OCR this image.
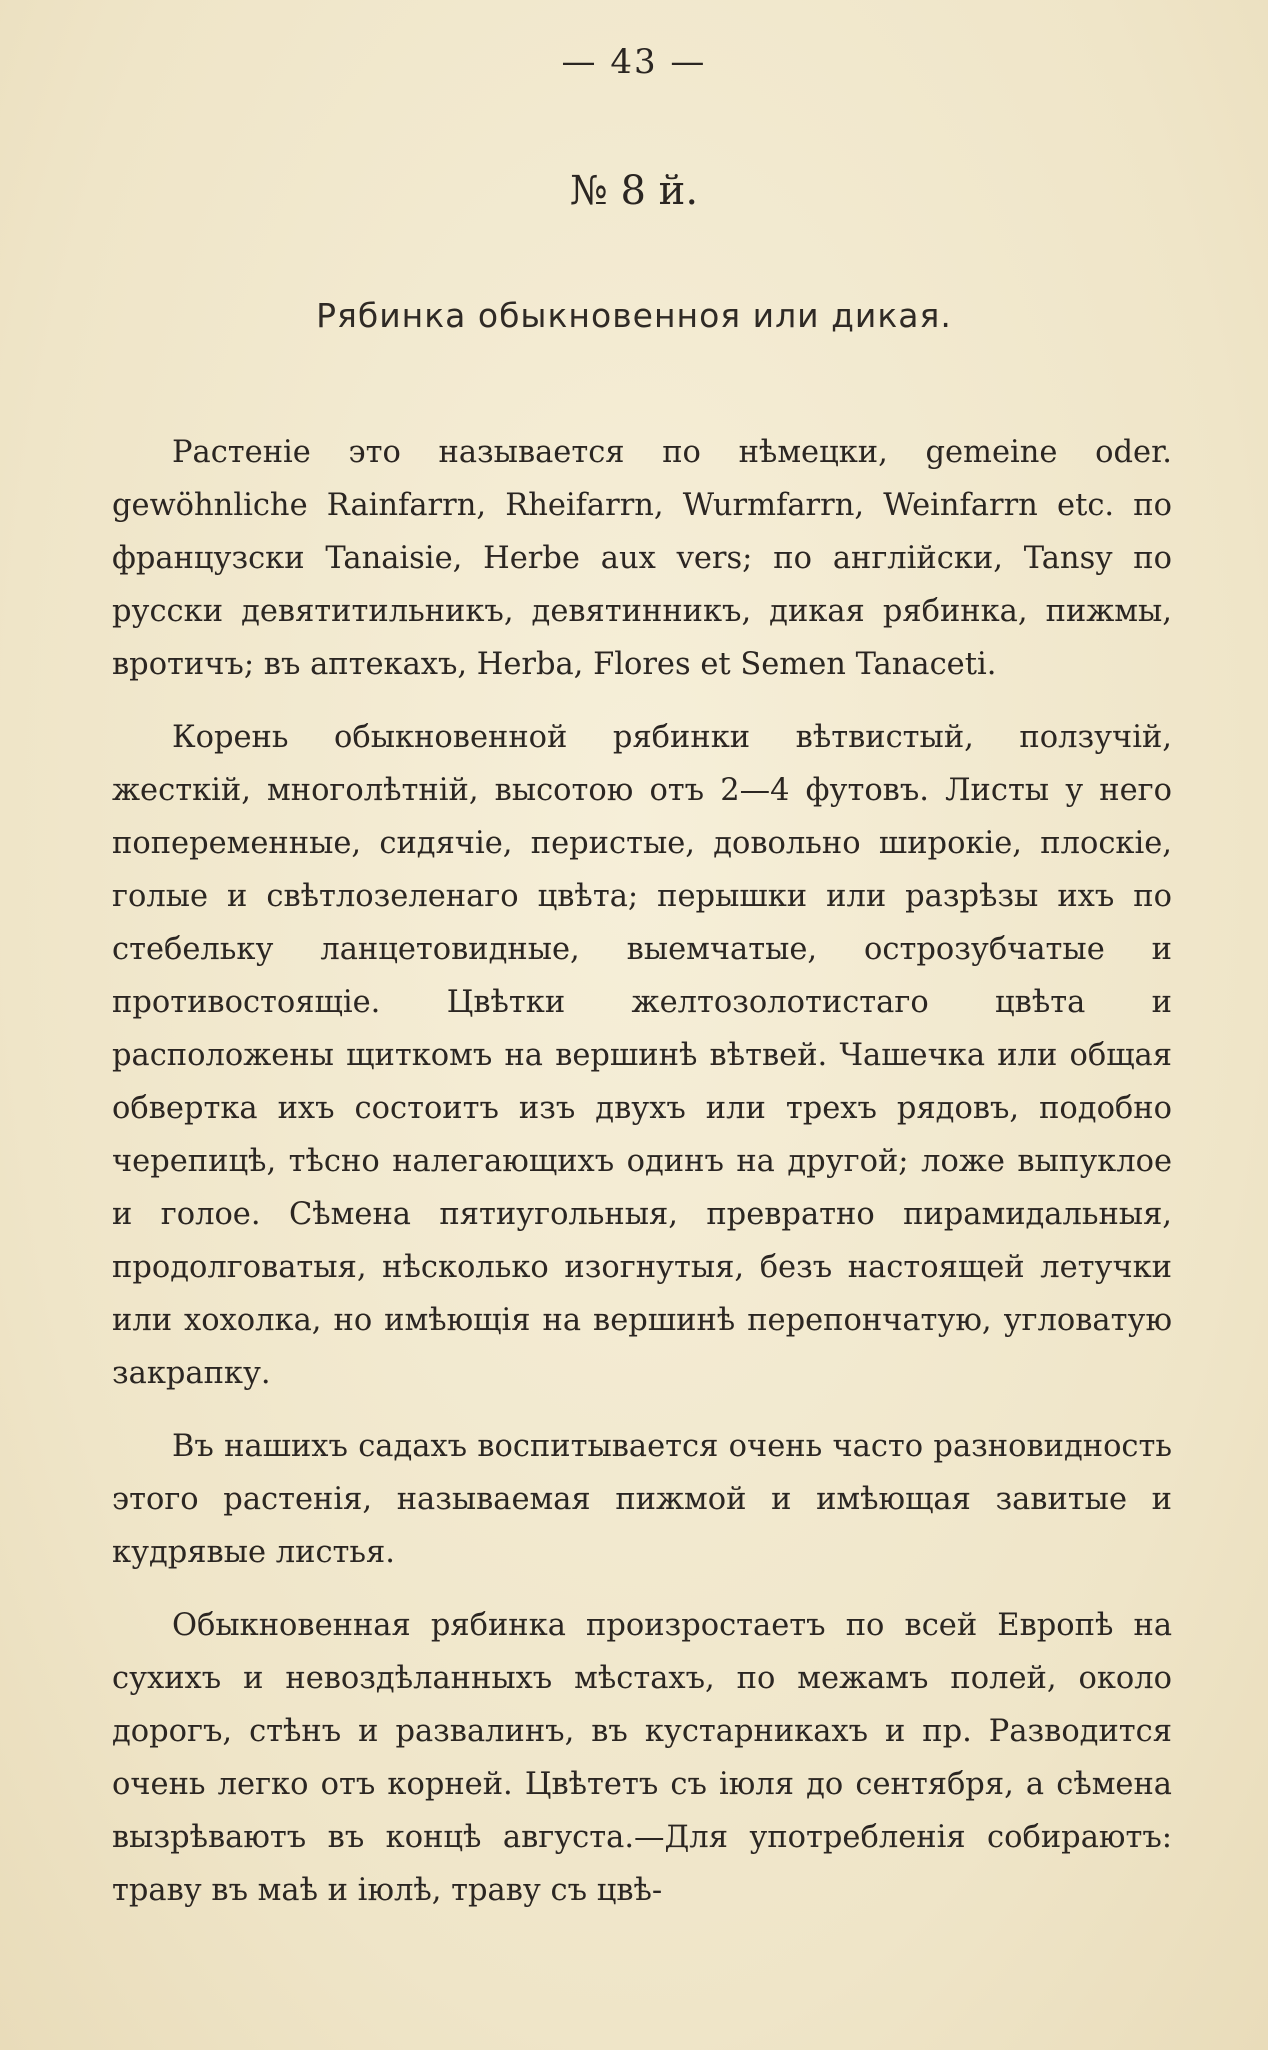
— 43 —
№ 8 й.
Рябинка обыкновенноя или дикая.

Растеніе это называется по нѣмецки, gemeine oder. gewöhnliche Rainfarrn, Rheifarrn, Wurmfarrn, Weinfarrn etc. по французски Tanaisie, Herbe aux vers; по англійски, Tansy по русски девятитильникъ, девятинникъ, дикая рябинка, пижмы, вротичъ; въ аптекахъ, Herba, Flores et Semen Tanaceti.

Корень обыкновенной рябинки вѣтвистый, ползучій, жесткій, многолѣтній, высотою отъ 2—4 футовъ. Листы у него попеременные, сидячіе, перистые, довольно широкіе, плоскіе, голые и свѣтлозеленаго цвѣта; перышки или разрѣзы ихъ по стебельку ланцетовидные, выемчатые, острозубчатые и противостоящіе. Цвѣтки желтозолотистаго цвѣта и расположены щиткомъ на вершинѣ вѣтвей. Чашечка или общая обвертка ихъ состоитъ изъ двухъ или трехъ рядовъ, подобно черепицѣ, тѣсно налегающихъ одинъ на другой; ложе выпуклое и голое. Сѣмена пятиугольныя, превратно пирамидальныя, продолговатыя, нѣсколько изогнутыя, безъ настоящей летучки или хохолка, но имѣющія на вершинѣ перепончатую, угловатую закрапку.

Въ нашихъ садахъ воспитывается очень часто разновидность этого растенія, называемая пижмой и имѣющая завитые и кудрявые листья.

Обыкновенная рябинка произростаетъ по всей Европѣ на сухихъ и невоздѣланныхъ мѣстахъ, по межамъ полей, около дорогъ, стѣнъ и развалинъ, въ кустарникахъ и пр. Разводится очень легко отъ корней. Цвѣтетъ съ іюля до сентября, а сѣмена вызрѣваютъ въ концѣ августа.—Для употребленія собираютъ: траву въ маѣ и іюлѣ, траву съ цвѣ-
